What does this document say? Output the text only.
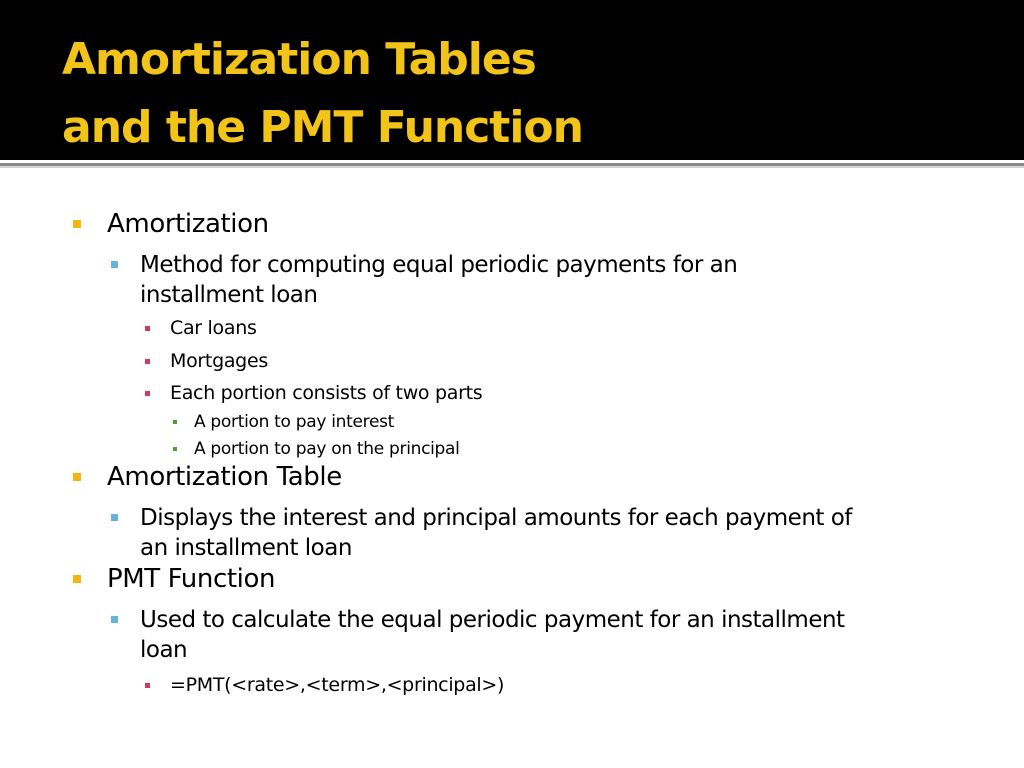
Amortization Tables
and the PMT Function
Amortization
Method for computing equal periodic payments for an
installment loan
Car loans
Mortgages
Each portion consists of two parts
A portion to pay interest
A portion to pay on the principal
Amortization Table
Displays the interest and principal amounts for each payment of
an installment loan
PMT Function
Used to calculate the equal periodic payment for an installment
loan
=PMT(<rate>,<term>,<principal>)
